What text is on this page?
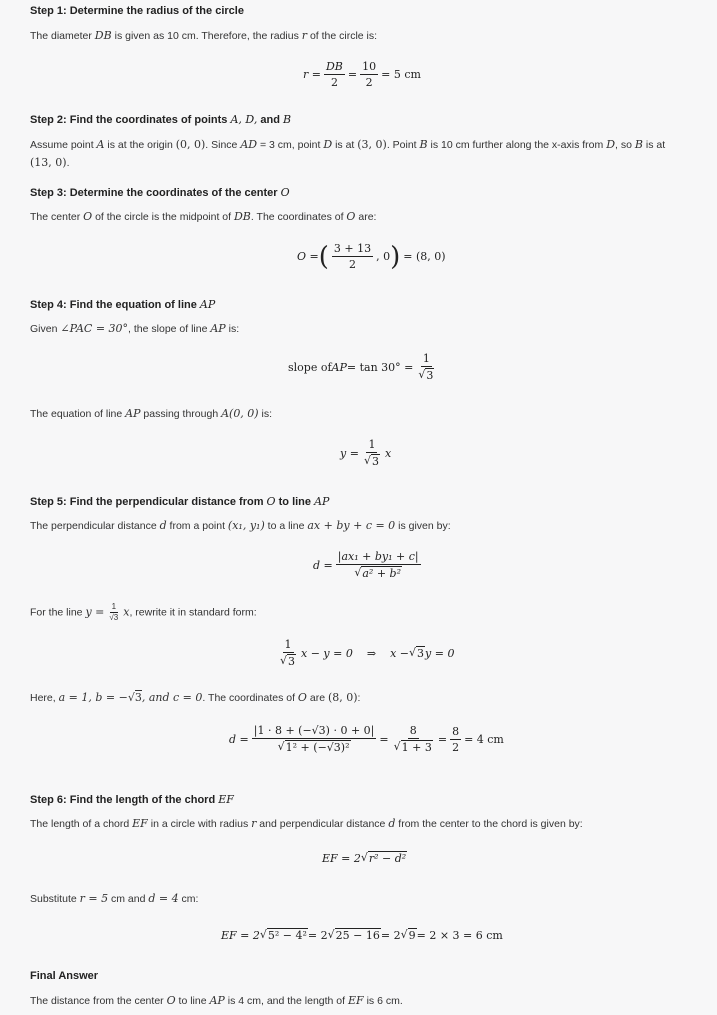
Step 1: Determine the radius of the circle
The diameter DB is given as 10 cm. Therefore, the radius r of the circle is:
$r = \frac{DB}{2} = \frac{10}{2} = 5$ cm
Step 2: Find the coordinates of points A, D, and B
Assume point A is at the origin (0, 0). Since AD = 3 cm, point D is at (3, 0). Point B is 10 cm further along the x-axis from D, so B is at
(13, 0).
Step 3: Determine the coordinates of the center O
The center O of the circle is the midpoint of DB. The coordinates of O are:
O = ( $\frac{3 + 13}{2}$ , 0 ) = (8, 0)
Step 4: Find the equation of line AP
Given ∠PAC = 30°, the slope of line AP is:
slope of AP = $\tan 30^\circ = \frac{1}{√ 3}$
The equation of line AP passing through A(0, 0) is:
$y = \frac{1}{√ 3}$ x
Step 5: Find the perpendicular distance from O to line AP
The perpendicular distance d from a point (x₁, y₁) to a line ax + by + c = 0 is given by:
$d = \frac{\text{|ax₁ + by₁ + c|}}{\text{√ a² + b²}}$
For the line $y = \frac{1}{√3} x$, rewrite it in standard form:
$\frac{1}{√ 3}$ x − y = 0 ⇒ x − √ 3 y = 0
Here, a = 1, b = −√3, and c = 0. The coordinates of O are (8, 0):
$d = \frac{|1 \cdot 8 + (-√3) \cdot 0 + 0|}{\text{√ 1² + (−√3)²}} = \frac{8}{√ 1 + 3} = \frac{8}{2} = 4$ cm
Step 6: Find the length of the chord EF
The length of a chord EF in a circle with radius r and perpendicular distance d from the center to the chord is given by:
EF = 2 √ r² − d²
Substitute r = 5 cm and d = 4 cm:
EF = 2 √ 5² − 4² = 2 √ 25 − 16 = 2 √ 9 = 2 × 3 = 6 cm
Final Answer
The distance from the center O to line AP is 4 cm, and the length of EF is 6 cm.
